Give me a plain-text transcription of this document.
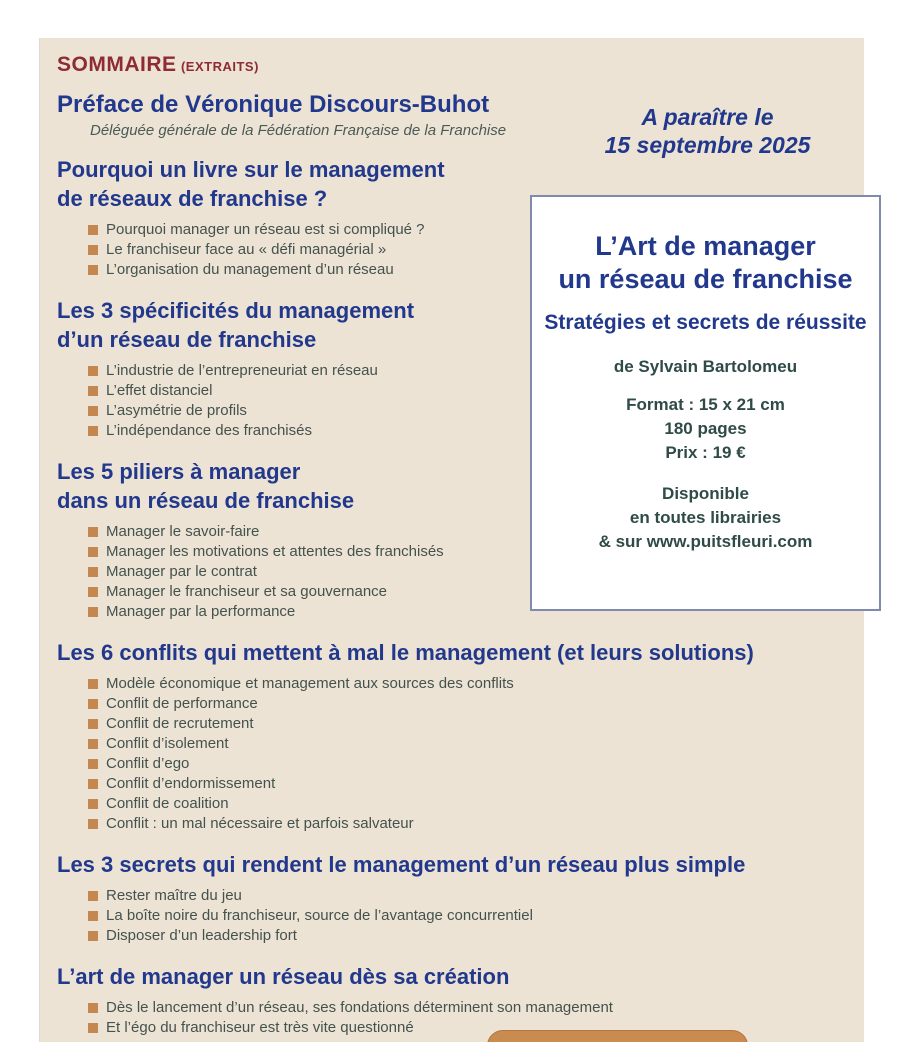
SOMMAIRE (EXTRAITS)
Préface de Véronique Discours-Buhot
Déléguée générale de la Fédération Française de la Franchise
Pourquoi un livre sur le management
de réseaux de franchise ?
Pourquoi manager un réseau est si compliqué ?
Le franchiseur face au « défi managérial »
L’organisation du management d’un réseau
Les 3 spécificités du management
d’un réseau de franchise
L’industrie de l’entrepreneuriat en réseau
L’effet distanciel
L’asymétrie de profils
L’indépendance des franchisés
Les 5 piliers à manager
dans un réseau de franchise
Manager le savoir-faire
Manager les motivations et attentes des franchisés
Manager par le contrat
Manager le franchiseur et sa gouvernance
Manager par la performance
Les 6 conflits qui mettent à mal le management (et leurs solutions)
Modèle économique et management aux sources des conflits
Conflit de performance
Conflit de recrutement
Conflit d’isolement
Conflit d’ego
Conflit d’endormissement
Conflit de coalition
Conflit : un mal nécessaire et parfois salvateur
Les 3 secrets qui rendent le management d’un réseau plus simple
Rester maître du jeu
La boîte noire du franchiseur, source de l’avantage concurrentiel
Disposer d’un leadership fort
L’art de manager un réseau dès sa création
Dès le lancement d’un réseau, ses fondations déterminent son management
Et l’égo du franchiseur est très vite questionné
A paraître le
15 septembre 2025
L’Art de manager
un réseau de franchise
Stratégies et secrets de réussite
de Sylvain Bartolomeu
Format : 15 x 21 cm
180 pages
Prix : 19 €
Disponible
en toutes librairies
& sur www.puitsfleuri.com
